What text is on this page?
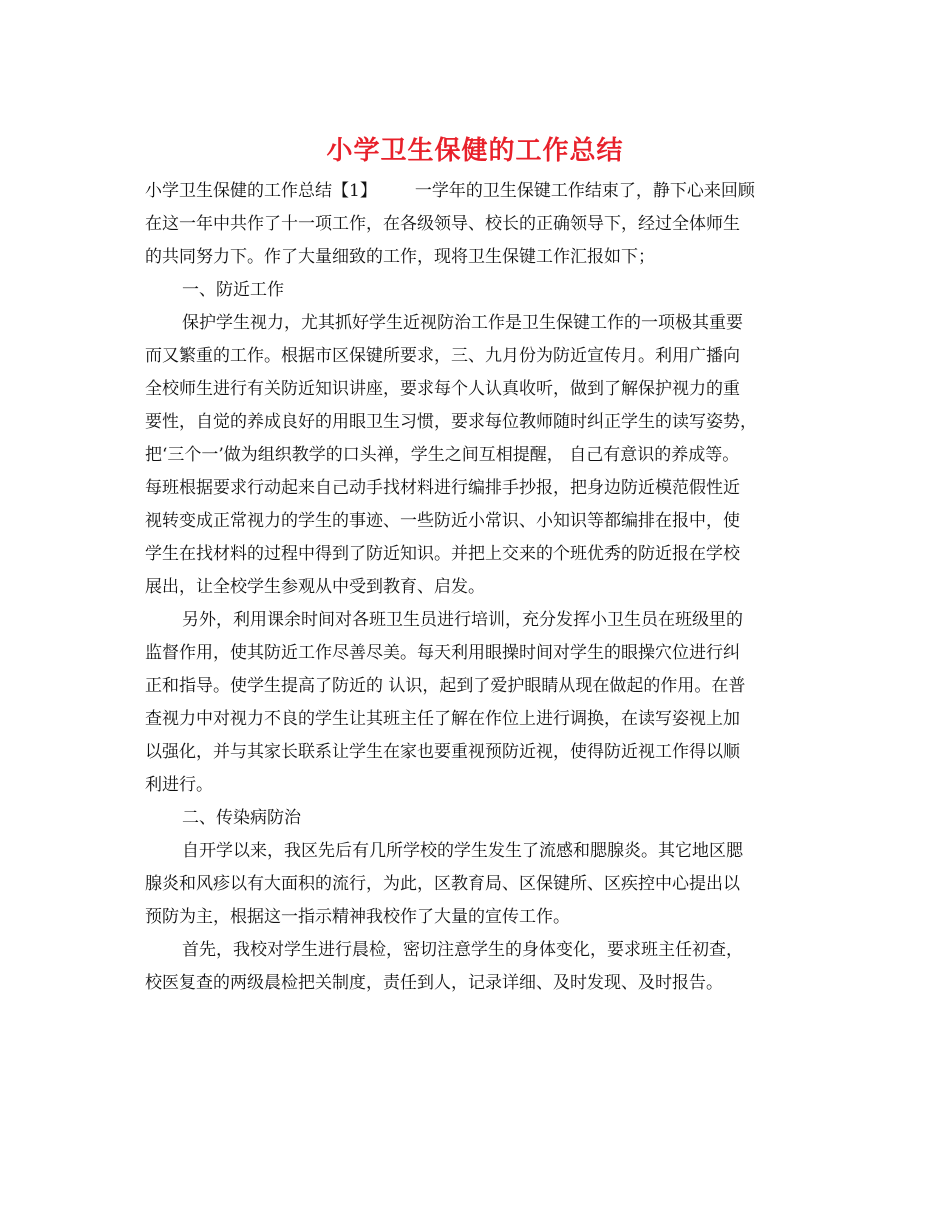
小学卫生保健的工作总结
小学卫生保健的工作总结【1】 一学年的卫生保键工作结束了，静下心来回顾
在这一年中共作了十一项工作，在各级领导、校长的正确领导下，经过全体师生
的共同努力下。作了大量细致的工作，现将卫生保键工作汇报如下；
一、防近工作
保护学生视力，尤其抓好学生近视防治工作是卫生保键工作的一项极其重要
而又繁重的工作。根据市区保键所要求，三、九月份为防近宣传月。利用广播向
全校师生进行有关防近知识讲座，要求每个人认真收听，做到了解保护视力的重
要性，自觉的养成良好的用眼卫生习惯，要求每位教师随时纠正学生的读写姿势，
把‘三个一’做为组织教学的口头禅，学生之间互相提醒， 自己有意识的养成等。
每班根据要求行动起来自己动手找材料进行编排手抄报，把身边防近模范假性近
视转变成正常视力的学生的事迹、一些防近小常识、小知识等都编排在报中，使
学生在找材料的过程中得到了防近知识。并把上交来的个班优秀的防近报在学校
展出，让全校学生参观从中受到教育、启发。
另外，利用课余时间对各班卫生员进行培训，充分发挥小卫生员在班级里的
监督作用，使其防近工作尽善尽美。每天利用眼操时间对学生的眼操穴位进行纠
正和指导。使学生提高了防近的 认识，起到了爱护眼睛从现在做起的作用。在普
查视力中对视力不良的学生让其班主任了解在作位上进行调换，在读写姿视上加
以强化，并与其家长联系让学生在家也要重视预防近视，使得防近视工作得以顺
利进行。
二、传染病防治
自开学以来，我区先后有几所学校的学生发生了流感和腮腺炎。其它地区腮
腺炎和风疹以有大面积的流行，为此，区教育局、区保键所、区疾控中心提出以
预防为主，根据这一指示精神我校作了大量的宣传工作。
首先，我校对学生进行晨检，密切注意学生的身体变化，要求班主任初查，
校医复查的两级晨检把关制度，责任到人，记录详细、及时发现、及时报告。
